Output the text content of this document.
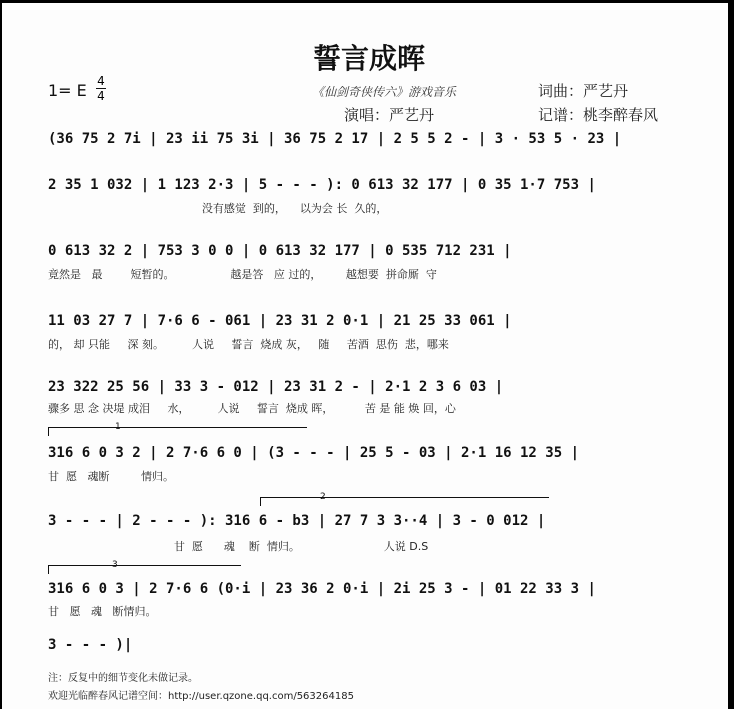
誓言成晖
1= E 4
4	《仙剑奇侠传六》游戏音乐	词曲：严艺丹
演唱：严艺丹	记谱：桃李醉春风
(36 75 2 7i | 23 ii 75 3i | 36 75 2 17 | 2 5 5 2 - | 3 · 53 5 · 23 |
2 35 1 032 | 1 123 2·3 | 5 - - - ): 0 613 32 177 | 0 35 1·7 753 |
没有感觉  到的，    以为会 长  久的，
0 613 32 2 | 753 3 0 0 | 0 613 32 177 | 0 535 712 231 |
竟然是   最        短暂的。                越是答   应 过的，       越想要  拼命厮  守
11 03 27 7 | 7·6 6 - 061 | 23 31 2 0·1 | 21 25 33 061 |
的， 却 只能     深 刻。        人说     誓言  烧成 灰，   随     苦酒  思伤  悲，哪来
23 322 25 56 | 33 3 - 012 | 23 31 2 - | 2·1 2 3 6 03 |
骤多 思 念 决堤 成泪     水，        人说     誓言  烧成 晖，         苦 是 能 焕 回，心
1
316 6 0 3 2 | 2 7·6 6 0 | (3 - - - | 25 5 - 03 | 2·1 16 12 35 |
甘  愿   魂断         情归。
2
3 - - - | 2 - - - ): 316 6 - b3 | 27 7 3 3··4 | 3 - 0 012 |
甘  愿      魂    断  情归。                        人说 D.S
3
316 6 0 3 | 2 7·6 6 (0·i | 23 36 2 0·i | 2i 25 3 - | 01 22 33 3 |
甘   愿   魂   断情归。
3 - - - )|
注：反复中的细节变化未做记录。
欢迎光临醉春风记谱空间：http://user.qzone.qq.com/563264185
